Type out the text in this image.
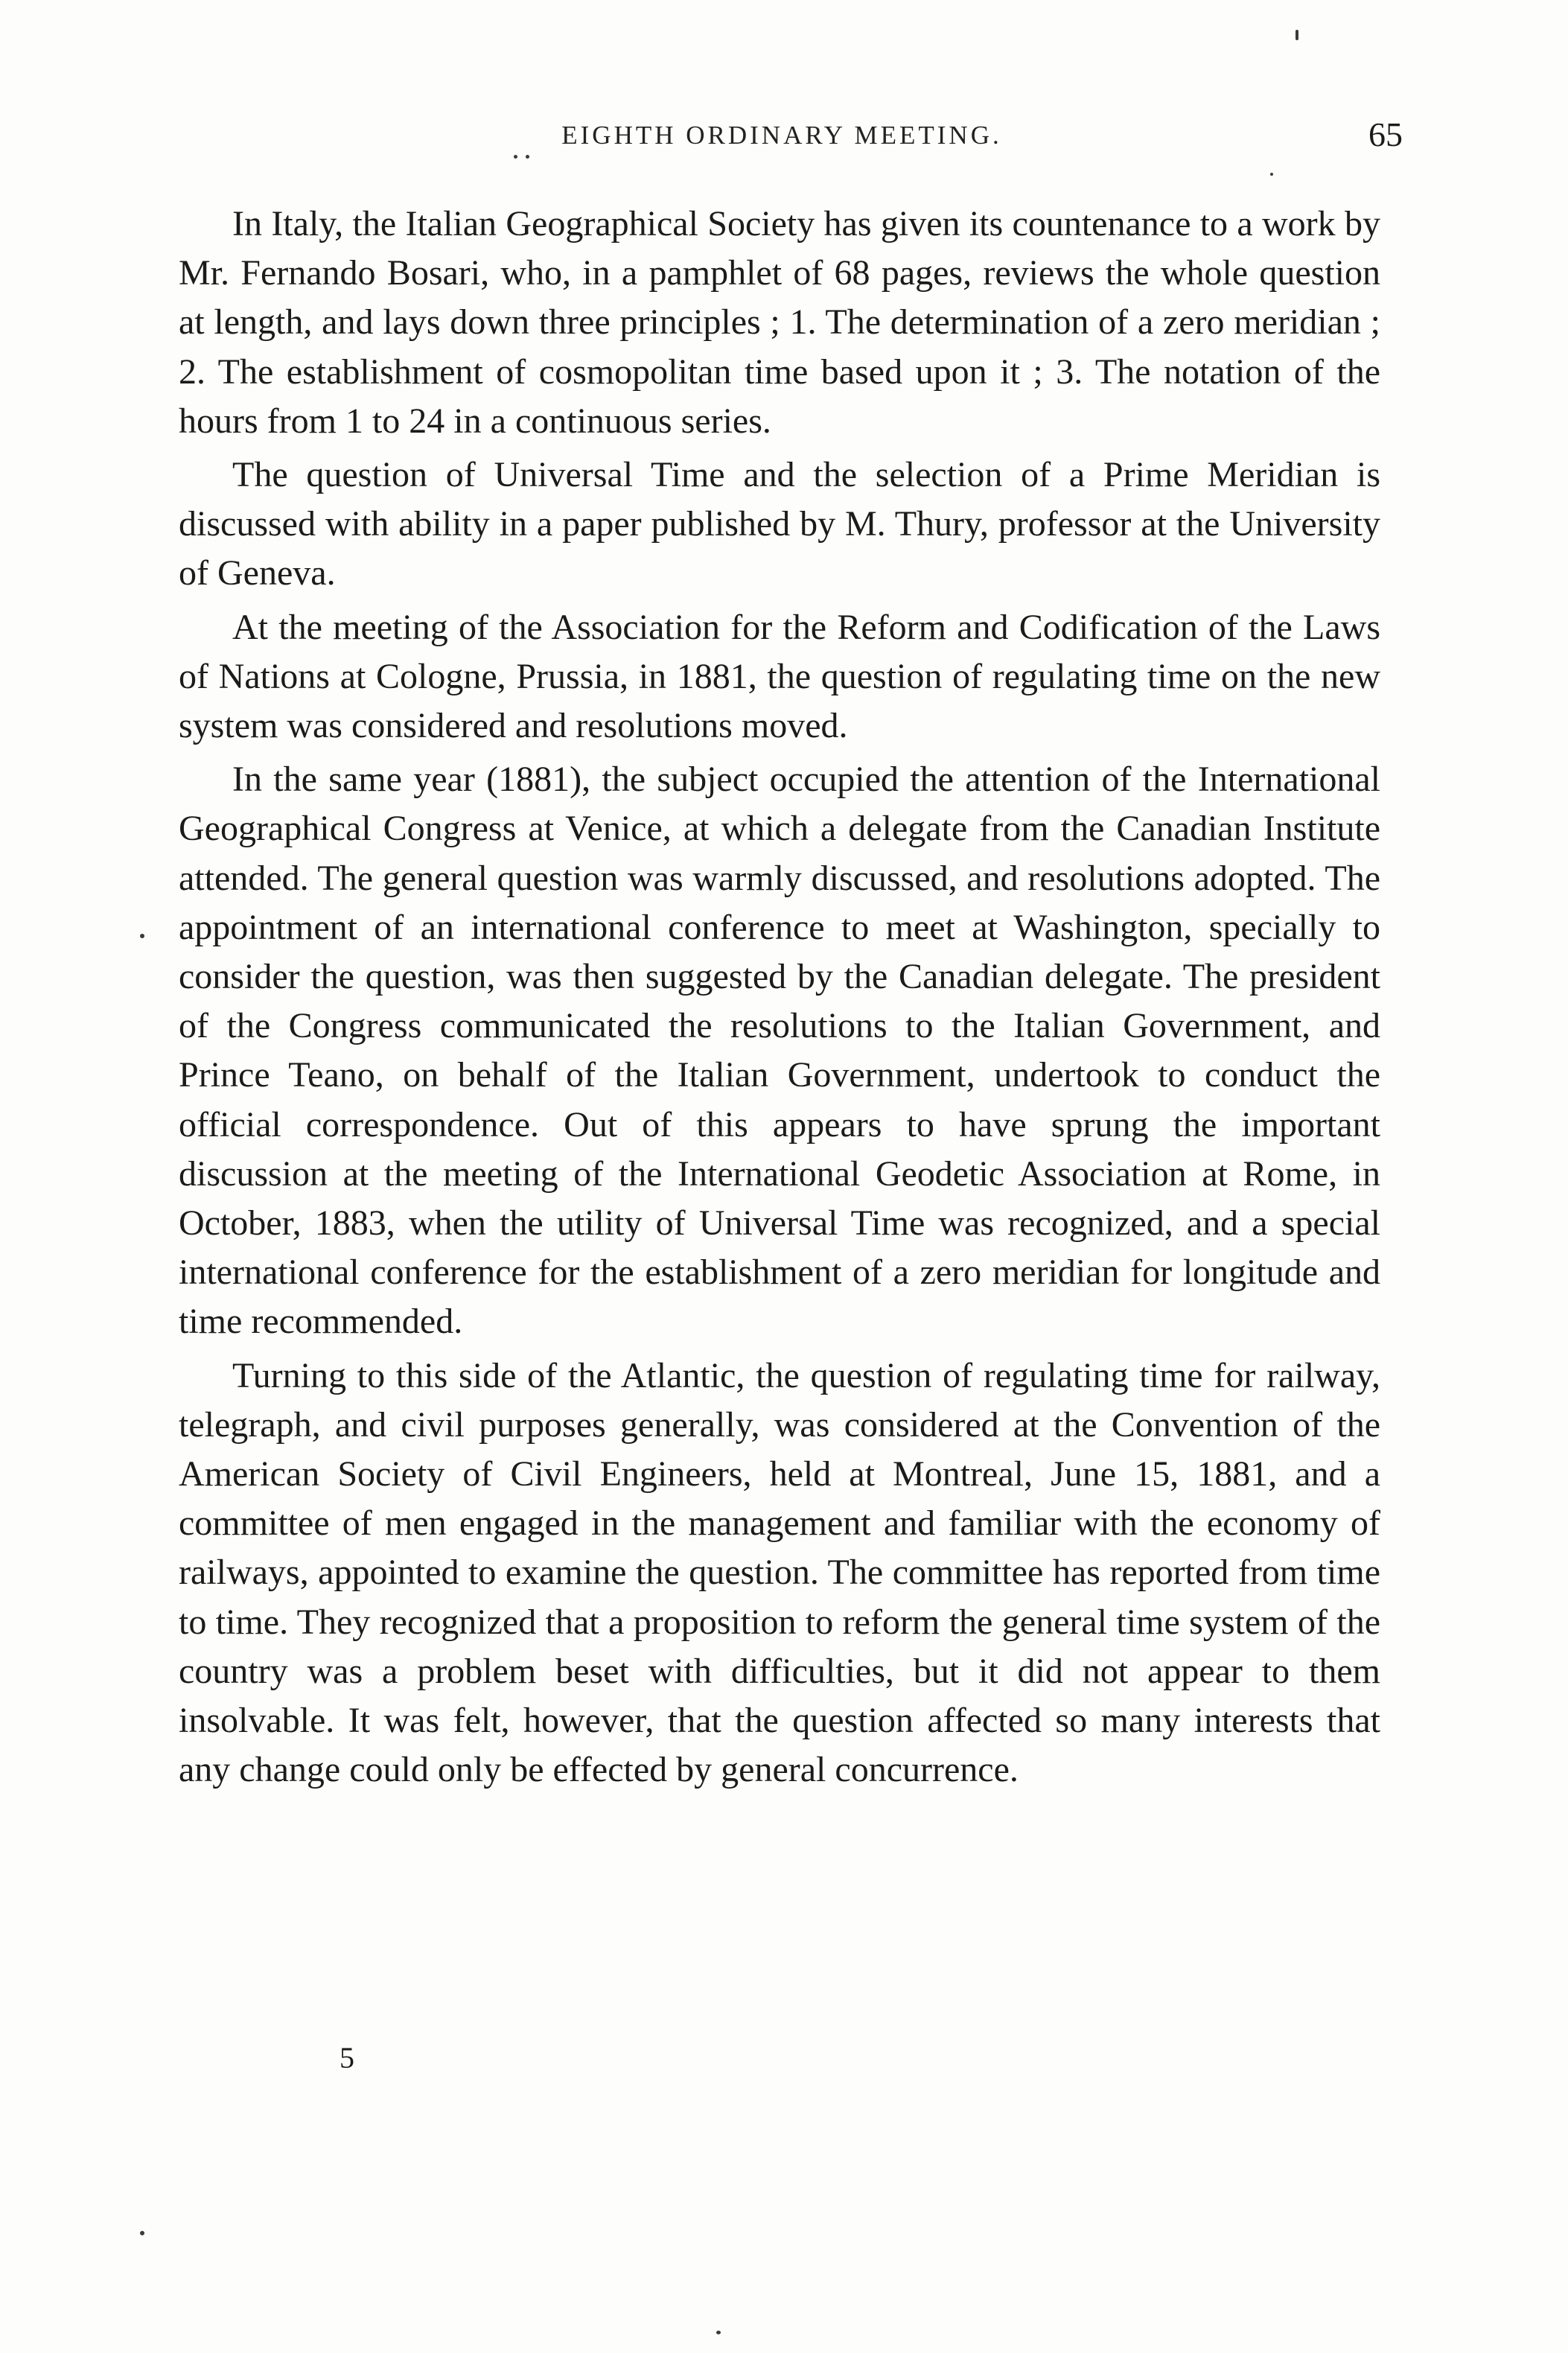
EIGHTH ORDINARY MEETING.	65

In Italy, the Italian Geographical Society has given its countenance to a work by Mr. Fernando Bosari, who, in a pamphlet of 68 pages, reviews the whole question at length, and lays down three principles ; 1. The determination of a zero meridian ; 2. The establishment of cosmopolitan time based upon it ; 3. The notation of the hours from 1 to 24 in a continuous series.

The question of Universal Time and the selection of a Prime Meridian is discussed with ability in a paper published by M. Thury, professor at the University of Geneva.

At the meeting of the Association for the Reform and Codification of the Laws of Nations at Cologne, Prussia, in 1881, the question of regulating time on the new system was considered and resolutions moved.

In the same year (1881), the subject occupied the attention of the International Geographical Congress at Venice, at which a delegate from the Canadian Institute attended. The general question was warmly discussed, and resolutions adopted. The appointment of an international conference to meet at Washington, specially to consider the question, was then suggested by the Canadian delegate. The president of the Congress communicated the resolutions to the Italian Government, and Prince Teano, on behalf of the Italian Government, undertook to conduct the official correspondence. Out of this appears to have sprung the important discussion at the meeting of the International Geodetic Association at Rome, in October, 1883, when the utility of Universal Time was recognized, and a special international conference for the establishment of a zero meridian for longitude and time recommended.

Turning to this side of the Atlantic, the question of regulating time for railway, telegraph, and civil purposes generally, was considered at the Convention of the American Society of Civil Engineers, held at Montreal, June 15, 1881, and a committee of men engaged in the management and familiar with the economy of railways, appointed to examine the question. The committee has reported from time to time. They recognized that a proposition to reform the general time system of the country was a problem beset with difficulties, but it did not appear to them insolvable. It was felt, however, that the question affected so many interests that any change could only be effected by general concurrence.

5
